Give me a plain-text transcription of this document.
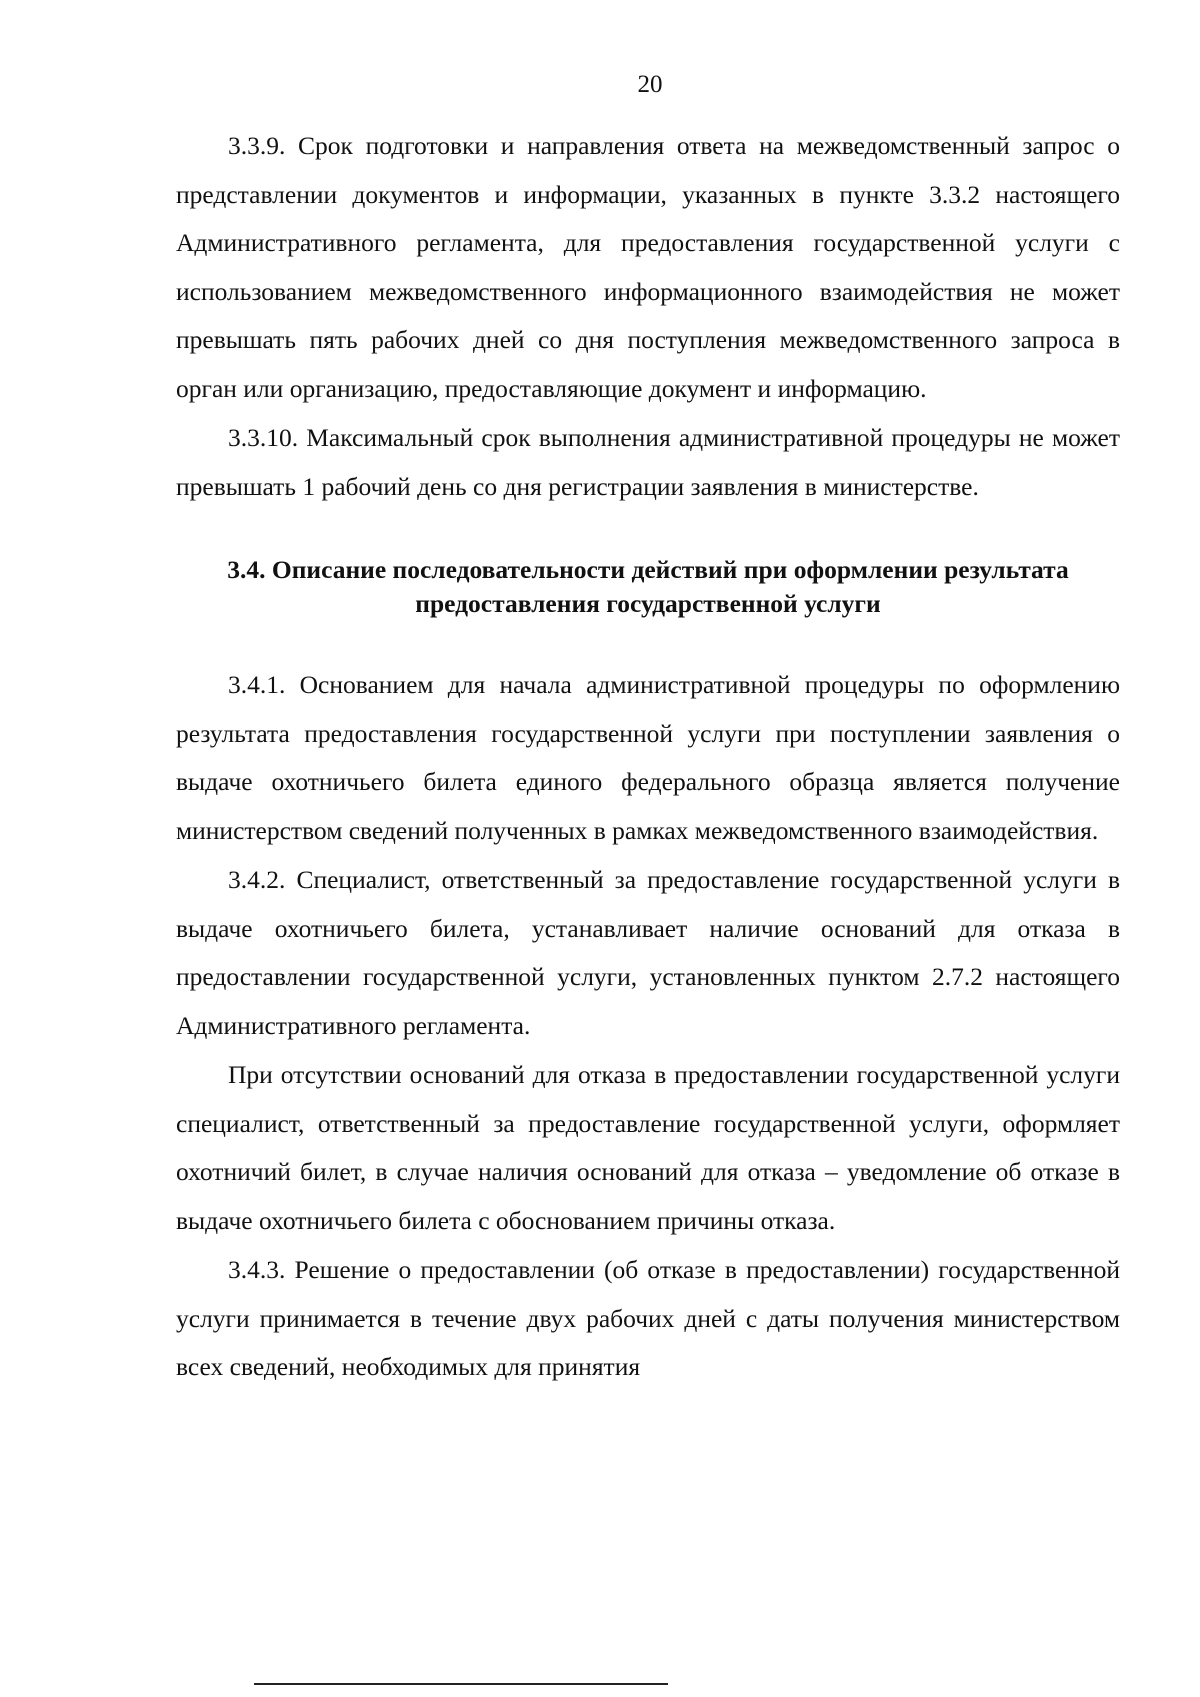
20

3.3.9. Срок подготовки и направления ответа на межведомственный запрос о представлении документов и информации, указанных в пункте 3.3.2 настоящего Административного регламента, для предоставления государственной услуги с использованием межведомственного информационного взаимодействия не может превышать пять рабочих дней со дня поступления межведомственного запроса в орган или организацию, предоставляющие документ и информацию.

3.3.10. Максимальный срок выполнения административной процедуры не может превышать 1 рабочий день со дня регистрации заявления в министерстве.

3.4. Описание последовательности действий при оформлении результата
предоставления государственной услуги

3.4.1. Основанием для начала административной процедуры по оформлению результата предоставления государственной услуги при поступлении заявления о выдаче охотничьего билета единого федерального образца является получение министерством сведений полученных в рамках межведомственного взаимодействия.

3.4.2. Специалист, ответственный за предоставление государственной услуги в выдаче охотничьего билета, устанавливает наличие оснований для отказа в предоставлении государственной услуги, установленных пунктом 2.7.2 настоящего Административного регламента.

При отсутствии оснований для отказа в предоставлении государственной услуги специалист, ответственный за предоставление государственной услуги, оформляет охотничий билет, в случае наличия оснований для отказа – уведомление об отказе в выдаче охотничьего билета с обоснованием причины отказа.

3.4.3. Решение о предоставлении (об отказе в предоставлении) государственной услуги принимается в течение двух рабочих дней с даты получения министерством всех сведений, необходимых для принятия
